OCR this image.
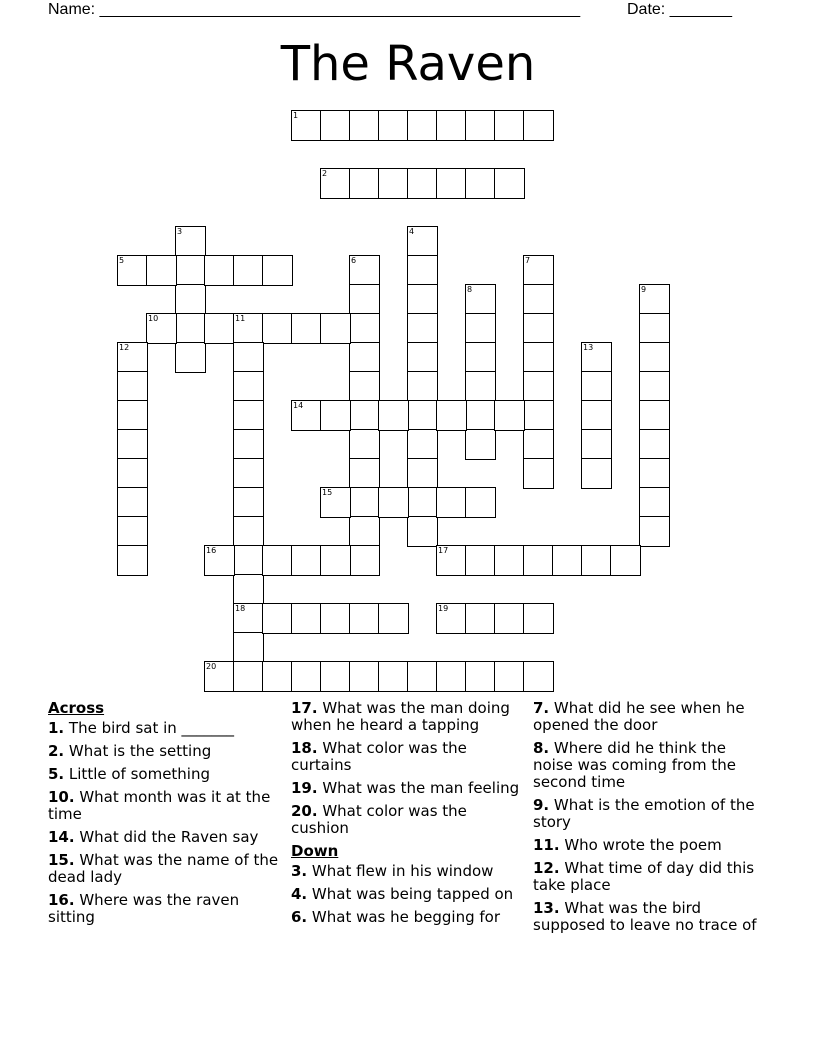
Name: ______________________________________________________	Date: _______
The Raven
1
2
3	4
5	6	7
8	9
10	11
18
12	13
14
15
16	17
19
20
Across
1. The bird sat in _______
2. What is the setting
5. Little of something
10. What month was it at the time
14. What did the Raven say
15. What was the name of the dead lady
16. Where was the raven sitting
17. What was the man doing when he heard a tapping
18. What color was the curtains
19. What was the man feeling
20. What color was the cushion
Down
3. What flew in his window
4. What was being tapped on
6. What was he begging for
7. What did he see when he opened the door
8. Where did he think the noise was coming from the second time
9. What is the emotion of the story
11. Who wrote the poem
12. What time of day did this take place
13. What was the bird supposed to leave no trace of
